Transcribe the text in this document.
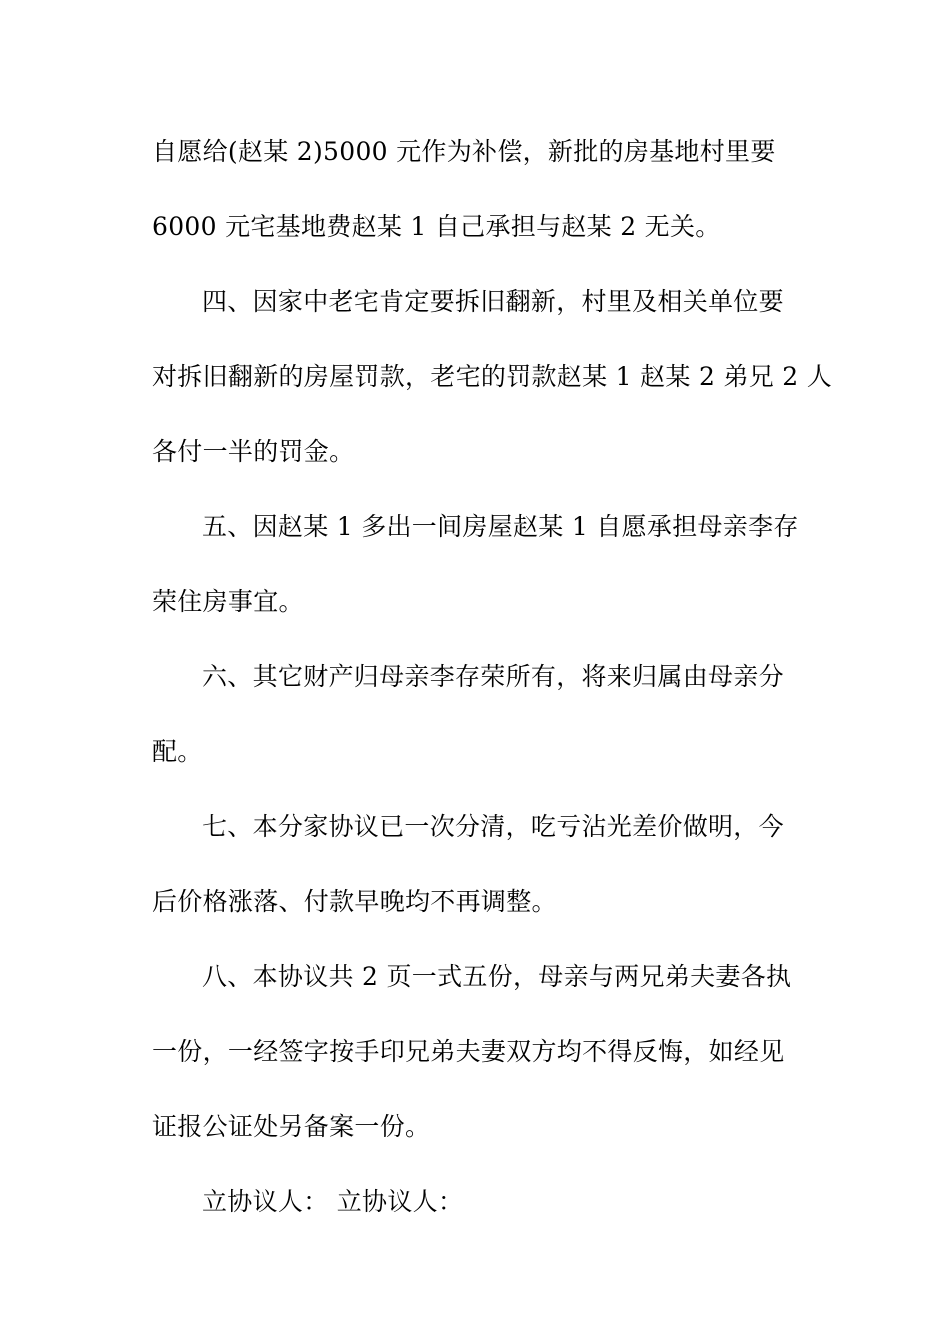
自愿给(赵某 2)5000 元作为补偿，新批的房基地村里要
6000 元宅基地费赵某 1 自己承担与赵某 2 无关。
四、因家中老宅肯定要拆旧翻新，村里及相关单位要
对拆旧翻新的房屋罚款，老宅的罚款赵某 1 赵某 2 弟兄 2 人
各付一半的罚金。
五、因赵某 1 多出一间房屋赵某 1 自愿承担母亲李存
荣住房事宜。
六、其它财产归母亲李存荣所有，将来归属由母亲分
配。
七、本分家协议已一次分清，吃亏沾光差价做明，今
后价格涨落、付款早晚均不再调整。
八、本协议共 2 页一式五份，母亲与两兄弟夫妻各执
一份，一经签字按手印兄弟夫妻双方均不得反悔，如经见
证报公证处另备案一份。
立协议人： 立协议人：
